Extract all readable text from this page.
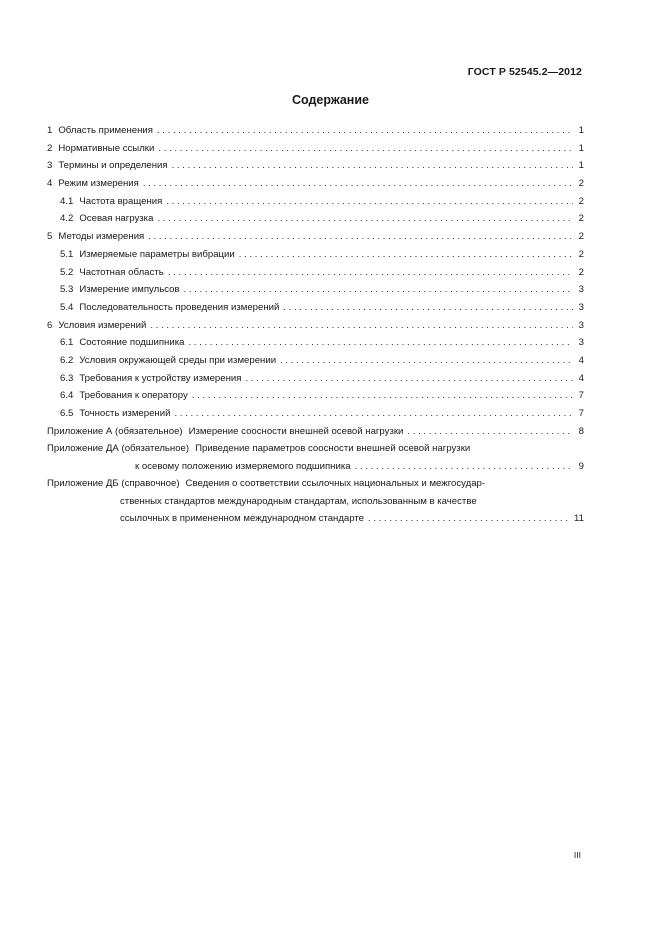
ГОСТ Р 52545.2—2012
Содержание
1 Область применения . . .	1
2 Нормативные ссылки . . .	1
3 Термины и определения . . .	1
4 Режим измерения . . .	2
4.1 Частота вращения . . .	2
4.2 Осевая нагрузка . . .	2
5 Методы измерения . . .	2
5.1 Измеряемые параметры вибрации . . .	2
5.2 Частотная область . . .	2
5.3 Измерение импульсов . . .	3
5.4 Последовательность проведения измерений . . .	3
6 Условия измерений . . .	3
6.1 Состояние подшипника . . .	3
6.2 Условия окружающей среды при измерении . . .	4
6.3 Требования к устройству измерения . . .	4
6.4 Требования к оператору . . .	7
6.5 Точность измерений . . .	7
Приложение А (обязательное) Измерение соосности внешней осевой нагрузки . . .	8
Приложение ДА (обязательное) Приведение параметров соосности внешней осевой нагрузки
к осевому положению измеряемого подшипника . . .	9
Приложение ДБ (справочное) Сведения о соответствии ссылочных национальных и межгосудар-
ственных стандартов международным стандартам, использованным в качестве
ссылочных в примененном международном стандарте . . .	11
III
